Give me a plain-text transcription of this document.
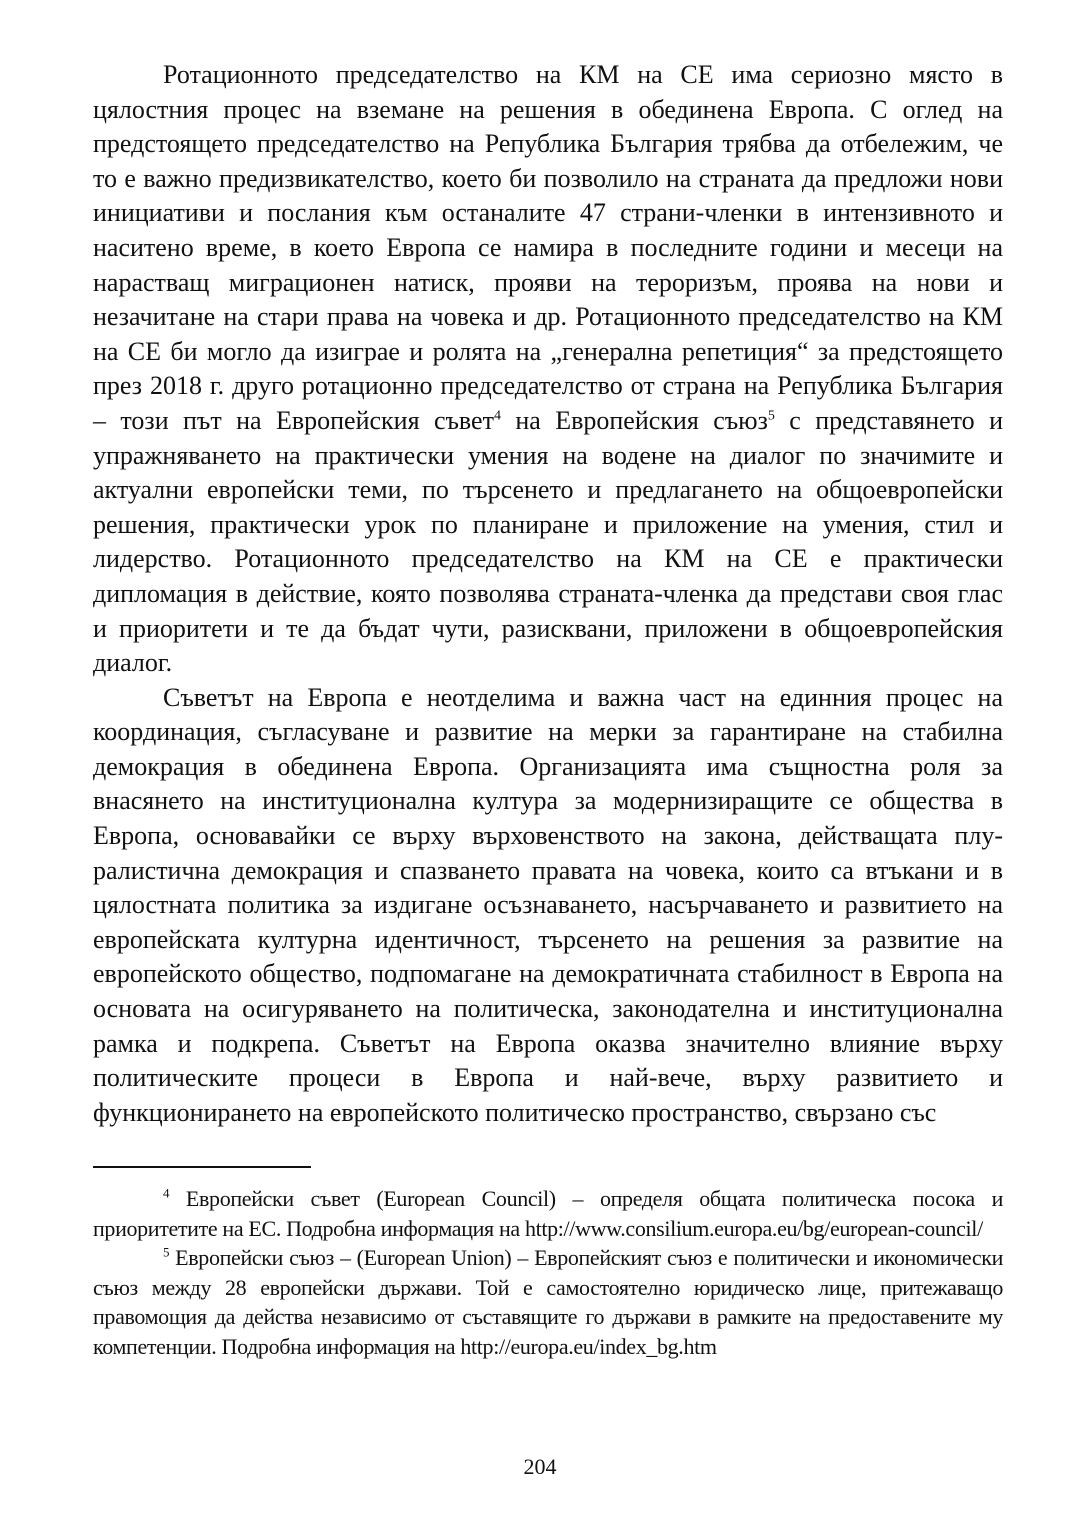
Ротационното председателство на КМ на СЕ има сериозно място в цялостния процес на вземане на решения в обединена Европа. С оглед на предстоящето председателство на Република България трябва да отбележим, че то е важно предизвикателство, което би позволило на страната да предложи нови инициативи и послания към останалите 47 страни-членки в интензивното и наситено време, в което Европа се намира в последните години и месеци на нарастващ миграционен натиск, прояви на тероризъм, проява на нови и незачитане на стари права на човека и др. Ротационното председателство на КМ на СЕ би могло да изиграе и ролята на „генерална репетиция“ за предстоящето през 2018 г. друго ротационно председателство от страна на Република България – този път на Европейския съвет$^4$ на Европейския съюз$^5$ с представянето и упражняването на практически умения на водене на диалог по значимите и актуални европейски теми, по търсенето и предлагането на общоевропейски решения, практически урок по планиране и приложение на умения, стил и лидерство. Ротационното председателство на КМ на СЕ е практически дипломация в действие, която позволява страната-членка да представи своя глас и приоритети и те да бъдат чути, разисквани, приложени в общоевропейския диалог.

Съветът на Европа е неотделима и важна част на единния процес на координация, съгласуване и развитие на мерки за гарантиране на стабилна демокрация в обединена Европа. Организацията има същностна роля за внасянето на институционална култура за модернизиращите се общества в Европа, основавайки се върху върховенството на закона, действащата плуралистична демокрация и спазването правата на човека, които са втъкани и в цялостната политика за издигане осъзнаването, насърчаването и развитието на европейската културна идентичност, търсенето на решения за развитие на европейското общество, подпомагане на демократичната стабилност в Европа на основата на осигуряването на политическа, законодателна и институционална рамка и подкрепа. Съветът на Европа оказва значително влияние върху политическите процеси в Европа и най-вече, върху развитието и функционирането на европейското политическо пространство, свързано със

$^4$ Европейски съвет (European Council) – определя общата политическа посока и приоритетите на ЕС. Подробна информация на http://www.consilium.europa.eu/bg/european-council/

$^5$ Европейски съюз – (European Union) – Европейският съюз е политически и икономически съюз между 28 европейски държави. Той е самостоятелно юридическо лице, притежаващо правомощия да действа независимо от съставящите го държави в рамките на предоставените му компетенции. Подробна информация на http://europa.eu/index_bg.htm

204
